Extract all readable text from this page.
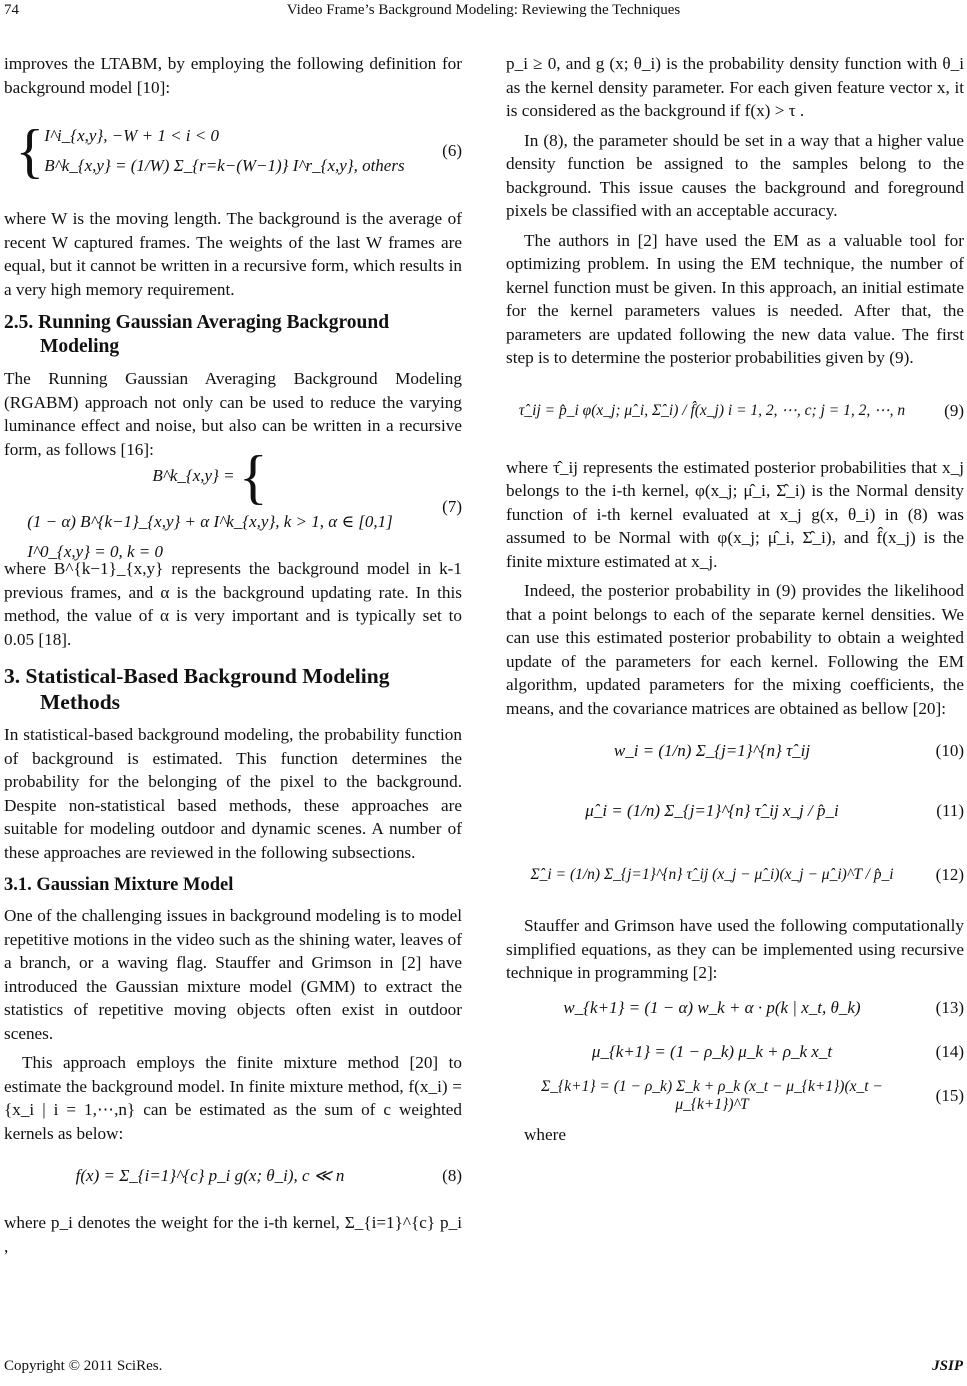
74	Video Frame’s Background Modeling: Reviewing the Techniques

improves the LTABM, by employing the following definition for background model [10]:

{I^i_{x,y}, −W + 1 < i < 0
B^k_{x,y} = (1/W) Σ_{r=k−(W−1)} I^r_{x,y}, others
(6)

where W is the moving length. The background is the average of recent W captured frames. The weights of the last W frames are equal, but it cannot be written in a recursive form, which results in a very high memory requirement.

2.5. Running Gaussian Averaging Background Modeling

The Running Gaussian Averaging Background Modeling (RGABM) approach not only can be used to reduce the varying luminance effect and noise, but also can be written in a recursive form, as follows [16]:

B^k_{x,y} = {(1 − α) B^{k−1}_{x,y} + α I^k_{x,y}, k > 1, α ∈ [0,1]
I^0_{x,y} = 0, k = 0
(7)

where B^{k−1}_{x,y} represents the background model in k-1 previous frames, and α is the background updating rate. In this method, the value of α is very important and is typically set to 0.05 [18].

3. Statistical-Based Background Modeling Methods

In statistical-based background modeling, the probability function of background is estimated. This function determines the probability for the belonging of the pixel to the background. Despite non-statistical based methods, these approaches are suitable for modeling outdoor and dynamic scenes. A number of these approaches are reviewed in the following subsections.

3.1. Gaussian Mixture Model

One of the challenging issues in background modeling is to model repetitive motions in the video such as the shining water, leaves of a branch, or a waving flag. Stauffer and Grimson in [2] have introduced the Gaussian mixture model (GMM) to extract the statistics of repetitive moving objects often exist in outdoor scenes.

This approach employs the finite mixture method [20] to estimate the background model. In finite mixture method, f(x_i) = {x_i | i = 1,⋯,n} can be estimated as the sum of c weighted kernels as below:

f(x) = Σ_{i=1}^{c} p_i g(x; θ_i), c ≪ n	(8)

where p_i denotes the weight for the i-th kernel, Σ_{i=1}^{c} p_i ,

p_i ≥ 0, and g (x; θ_i) is the probability density function with θ_i as the kernel density parameter. For each given feature vector x, it is considered as the background if f(x) > τ .

In (8), the parameter should be set in a way that a higher value density function be assigned to the samples belong to the background. This issue causes the background and foreground pixels be classified with an acceptable accuracy.

The authors in [2] have used the EM as a valuable tool for optimizing problem. In using the EM technique, the number of kernel function must be given. In this approach, an initial estimate for the kernel parameters values is needed. After that, the parameters are updated following the new data value. The first step is to determine the posterior probabilities given by (9).

τ̂_ij = p̂_i φ(x_j; μ̂_i, Σ̂_i) / f̂(x_j) i = 1, 2, ⋯, c; j = 1, 2, ⋯, n	(9)

where τ̂_ij represents the estimated posterior probabilities that x_j belongs to the i-th kernel, φ(x_j; μ̂_i, Σ̂_i) is the Normal density function of i-th kernel evaluated at x_j g(x, θ_i) in (8) was assumed to be Normal with φ(x_j; μ̂_i, Σ̂_i), and f̂(x_j) is the finite mixture estimated at x_j.

Indeed, the posterior probability in (9) provides the likelihood that a point belongs to each of the separate kernel densities. We can use this estimated posterior probability to obtain a weighted update of the parameters for each kernel. Following the EM algorithm, updated parameters for the mixing coefficients, the means, and the covariance matrices are obtained as bellow [20]:

w_i = (1/n) Σ_{j=1}^{n} τ̂_ij	(10)
μ̂_i = (1/n) Σ_{j=1}^{n} τ̂_ij x_j / p̂_i	(11)
Σ̂_i = (1/n) Σ_{j=1}^{n} τ̂_ij (x_j − μ̂_i)(x_j − μ̂_i)^T / p̂_i	(12)

Stauffer and Grimson have used the following computationally simplified equations, as they can be implemented using recursive technique in programming [2]:

w_{k+1} = (1 − α) w_k + α · p(k | x_t, θ_k)	(13)
μ_{k+1} = (1 − ρ_k) μ_k + ρ_k x_t	(14)
Σ_{k+1} = (1 − ρ_k) Σ_k + ρ_k (x_t − μ_{k+1})(x_t − μ_{k+1})^T	(15)

where

Copyright © 2011 SciRes.	JSIP
